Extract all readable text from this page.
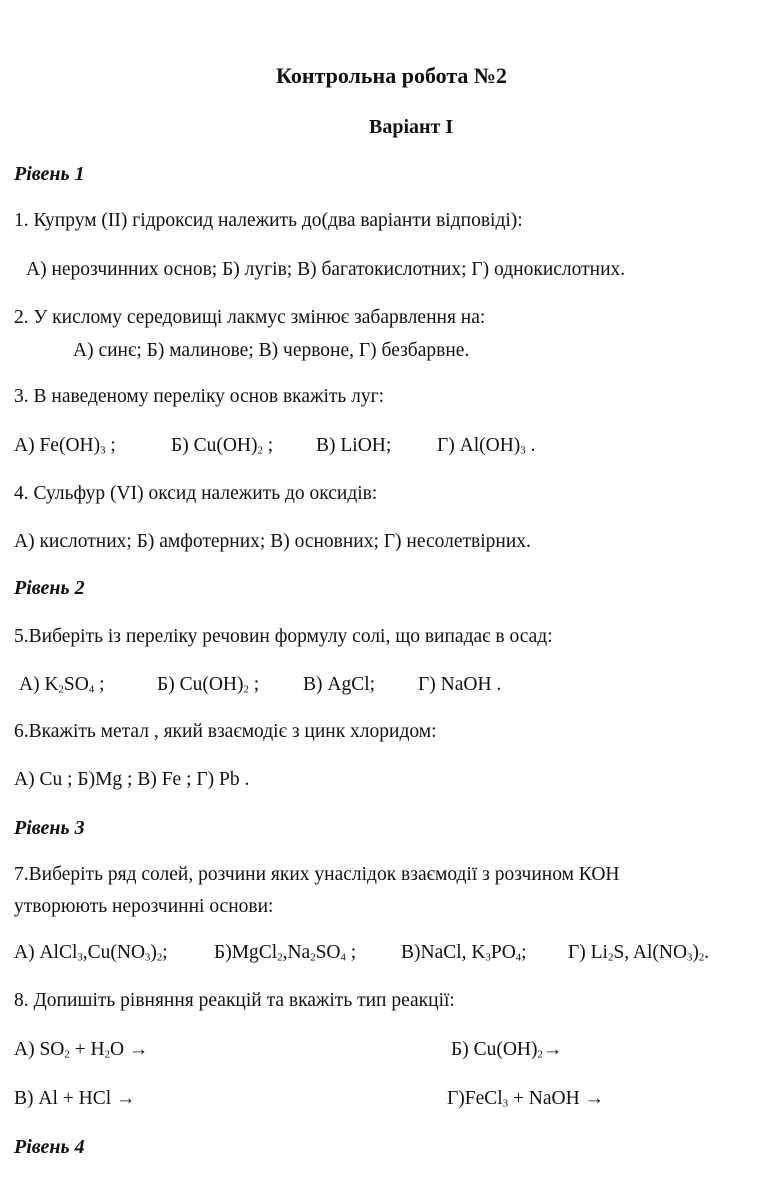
Контрольна робота №2
Варіант І
Рівень 1
1. Купрум (ІІ) гідроксид належить до(два варіанти відповіді):
А) нерозчинних основ; Б) лугів; В) багатокислотних; Г) однокислотних.
2. У кислому середовищі лакмус змінює забарвлення на:
А) синє; Б) малинове; В) червоне, Г) безбарвне.
3. В наведеному переліку основ вкажіть луг:
А) $Fe(OH)_3$ ;	Б) $Cu(OH)_2$ ; В) LiOH; Г) $Al(OH)_3$ .
4. Сульфур (VI) оксид належить до оксидів:
А) кислотних; Б) амфотерних; В) основних; Г) несолетвірних.
Рівень 2
5.Виберіть із переліку речовин формулу солі, що випадає в осад:
А) $K_2SO_4$ ;	Б) $Cu(OH)_2$ ; В) AgCl; Г) NaOH .
6.Вкажіть метал , який взаємодіє з цинк хлоридом:
А) Cu ; Б)Mg ; В) Fe ; Г) Pb .
Рівень 3
7.Виберіть ряд солей, розчини яких унаслідок взаємодії з розчином КОН
утворюють нерозчинні основи:
А) $AlCl_3,Cu(NO_3)_2$; $Б)MgCl_2,Na_2SO_4$ ; В)NaCl, $K_3PO_4$; Г) $Li_2S$, $Al(NO_3)_2$.
8. Допишіть рівняння реакцій та вкажіть тип реакції:
А) $SO_2 + H_2O$ →	Б) $Cu(OH)_2\to$
В) Al + HCl →	Г)FeCl$_3$ + NaOH →
Рівень 4
